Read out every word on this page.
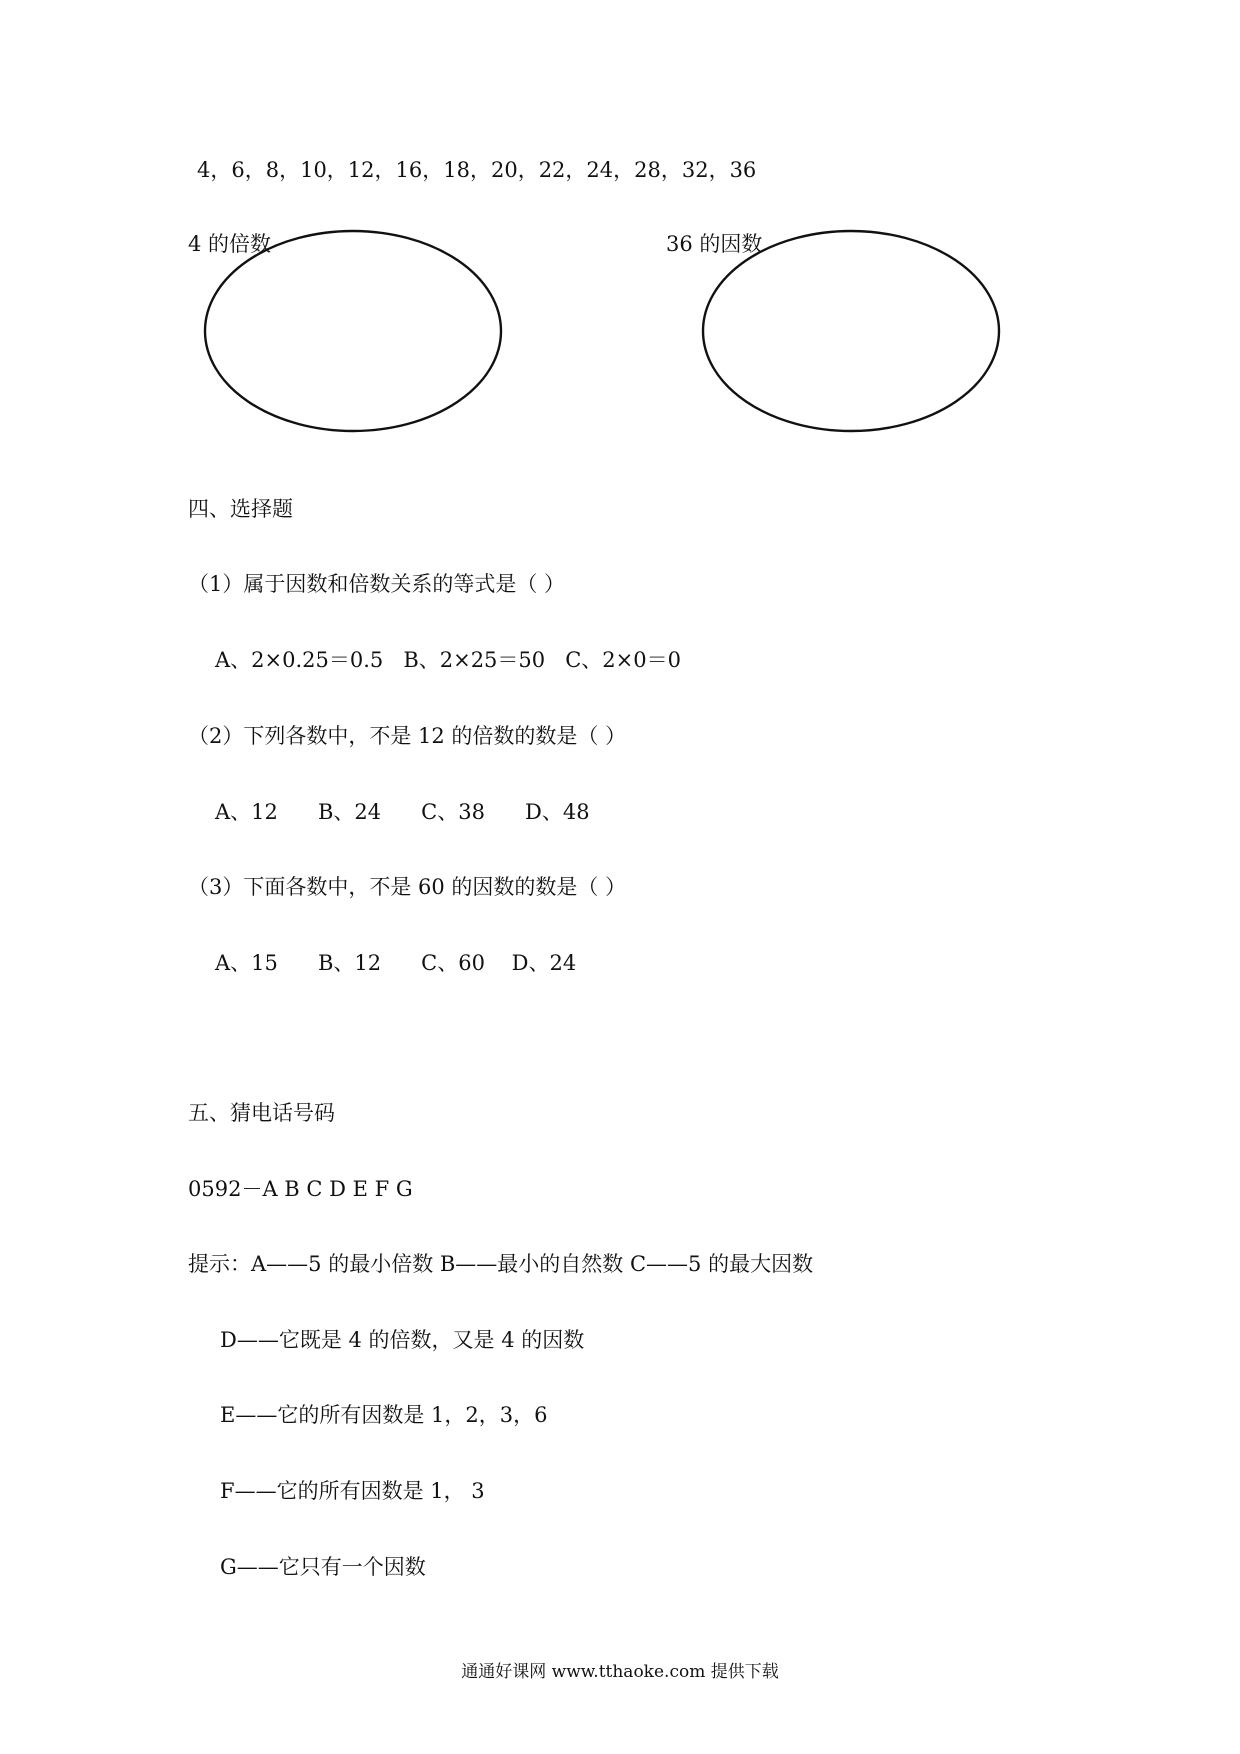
4，6，8，10，12，16，18，20，22，24，28，32，36
4 的倍数	36 的因数
四、选择题
（1）属于因数和倍数关系的等式是（ ）
A、2×0.25＝0.5 B、2×25＝50 C、2×0＝0
（2）下列各数中，不是 12 的倍数的数是（ ）
A、12 B、24 C、38 D、48
（3）下面各数中，不是 60 的因数的数是（ ）
A、15 B、12 C、60 D、24
五、猜电话号码
0592－A B C D E F G
提示：A——5 的最小倍数 B——最小的自然数 C——5 的最大因数
D——它既是 4 的倍数，又是 4 的因数
E——它的所有因数是 1，2，3，6
F——它的所有因数是 1， 3
G——它只有一个因数
通通好课网 www.tthaoke.com 提供下载
